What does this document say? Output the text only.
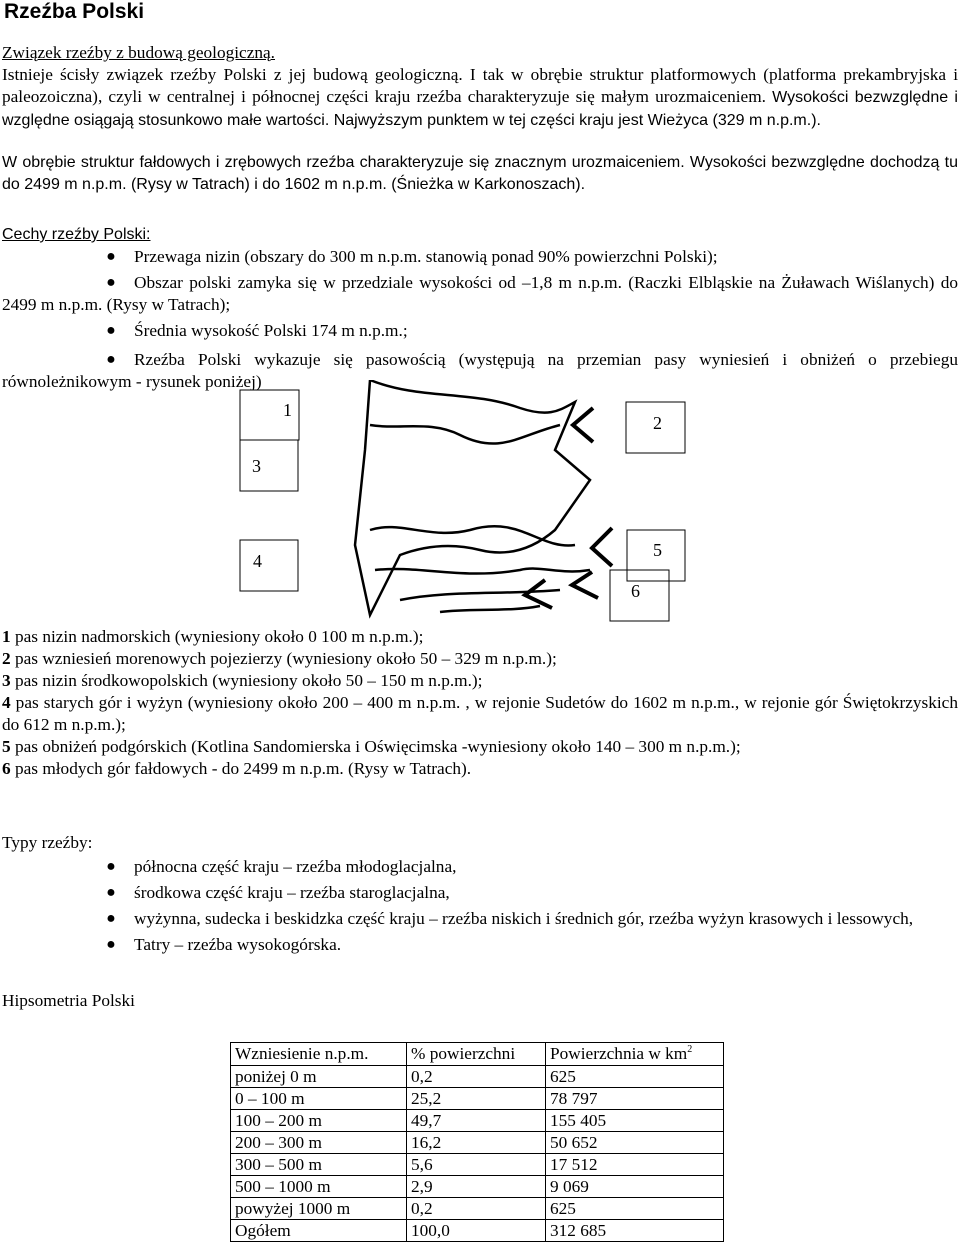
Rzeźba Polski
Związek rzeźby z budową geologiczną.
Istnieje ścisły związek rzeźby Polski z jej budową geologiczną. I tak w obrębie struktur platformowych (platforma prekambryjska i paleozoiczna), czyli w centralnej i północnej części kraju rzeźba charakteryzuje się małym urozmaiceniem. Wysokości bezwzględne i względne osiągają stosunkowo małe wartości. Najwyższym punktem w tej części kraju jest Wieżyca (329 m n.p.m.).
W obrębie struktur fałdowych i zrębowych rzeźba charakteryzuje się znacznym urozmaiceniem. Wysokości bezwzględne dochodzą tu do 2499 m n.p.m. (Rysy w Tatrach) i do 1602 m n.p.m. (Śnieżka w Karkonoszach).
Cechy rzeźby Polski:
● Przewaga nizin (obszary do 300 m n.p.m. stanowią ponad 90% powierzchni Polski);
● Obszar polski zamyka się w przedziale wysokości od –1,8 m n.p.m. (Raczki Elbląskie na Żuławach Wiślanych) do 2499 m n.p.m. (Rysy w Tatrach);
● Średnia wysokość Polski 174 m n.p.m.;
● Rzeźba Polski wykazuje się pasowością (występują na przemian pasy wyniesień i obniżeń o przebiegu równoleżnikowym - rysunek poniżej)
1
2
3
4
5
6
1 pas nizin nadmorskich (wyniesiony około 0 100 m n.p.m.);
2 pas wzniesień morenowych pojezierzy (wyniesiony około 50 – 329 m n.p.m.);
3 pas nizin środkowopolskich (wyniesiony około 50 – 150 m n.p.m.);
4 pas starych gór i wyżyn (wyniesiony około 200 – 400 m n.p.m. , w rejonie Sudetów do 1602 m n.p.m., w rejonie gór Świętokrzyskich do 612 m n.p.m.);
5 pas obniżeń podgórskich (Kotlina Sandomierska i Oświęcimska -wyniesiony około 140 – 300 m n.p.m.);
6 pas młodych gór fałdowych - do 2499 m n.p.m. (Rysy w Tatrach).
Typy rzeźby:
● północna część kraju – rzeźba młodoglacjalna,
● środkowa część kraju – rzeźba staroglacjalna,
● wyżynna, sudecka i beskidzka część kraju – rzeźba niskich i średnich gór, rzeźba wyżyn krasowych i lessowych,
● Tatry – rzeźba wysokogórska.
Hipsometria Polski
Wzniesienie n.p.m.	% powierzchni	Powierzchnia w $km^2$
poniżej 0 m	0,2	625
0 – 100 m	25,2	78 797
100 – 200 m	49,7	155 405
200 – 300 m	16,2	50 652
300 – 500 m	5,6	17 512
500 – 1000 m	2,9	9 069
powyżej 1000 m	0,2	625
Ogółem	100,0	312 685
